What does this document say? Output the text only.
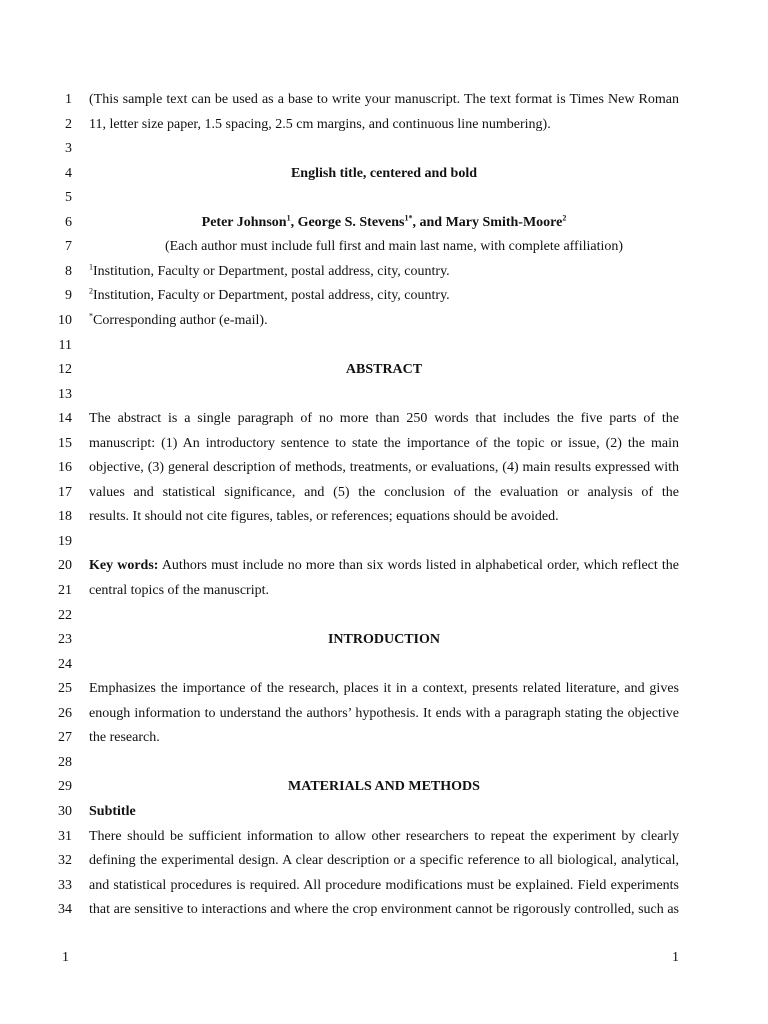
1 (This sample text can be used as a base to write your manuscript. The text format is Times New Roman
2 11, letter size paper, 1.5 spacing, 2.5 cm margins, and continuous line numbering).
3
4	English title, centered and bold
5
6	Peter Johnson$^1$, George S. Stevens$^{1*}$, and Mary Smith-Moore$^2$
7	(Each author must include full first and main last name, with complete affiliation)
8 $^1$Institution, Faculty or Department, postal address, city, country.
9 $^2$Institution, Faculty or Department, postal address, city, country.
10 *Corresponding author (e-mail).
11
12	ABSTRACT
13
14 The abstract is a single paragraph of no more than 250 words that includes the five parts of the
15 manuscript: (1) An introductory sentence to state the importance of the topic or issue, (2) the main
16 objective, (3) general description of methods, treatments, or evaluations, (4) main results expressed with
17 values and statistical significance, and (5) the conclusion of the evaluation or analysis of the
18 results. It should not cite figures, tables, or references; equations should be avoided.
19
20 Key words: Authors must include no more than six words listed in alphabetical order, which reflect the
21 central topics of the manuscript.
22
23	INTRODUCTION
24
25 Emphasizes the importance of the research, places it in a context, presents related literature, and gives
26 enough information to understand the authors’ hypothesis. It ends with a paragraph stating the objective
27 the research.
28
29	MATERIALS AND METHODS
30 Subtitle
31 There should be sufficient information to allow other researchers to repeat the experiment by clearly
32 defining the experimental design. A clear description or a specific reference to all biological, analytical,
33 and statistical procedures is required. All procedure modifications must be explained. Field experiments
34 that are sensitive to interactions and where the crop environment cannot be rigorously controlled, such as
1	1
